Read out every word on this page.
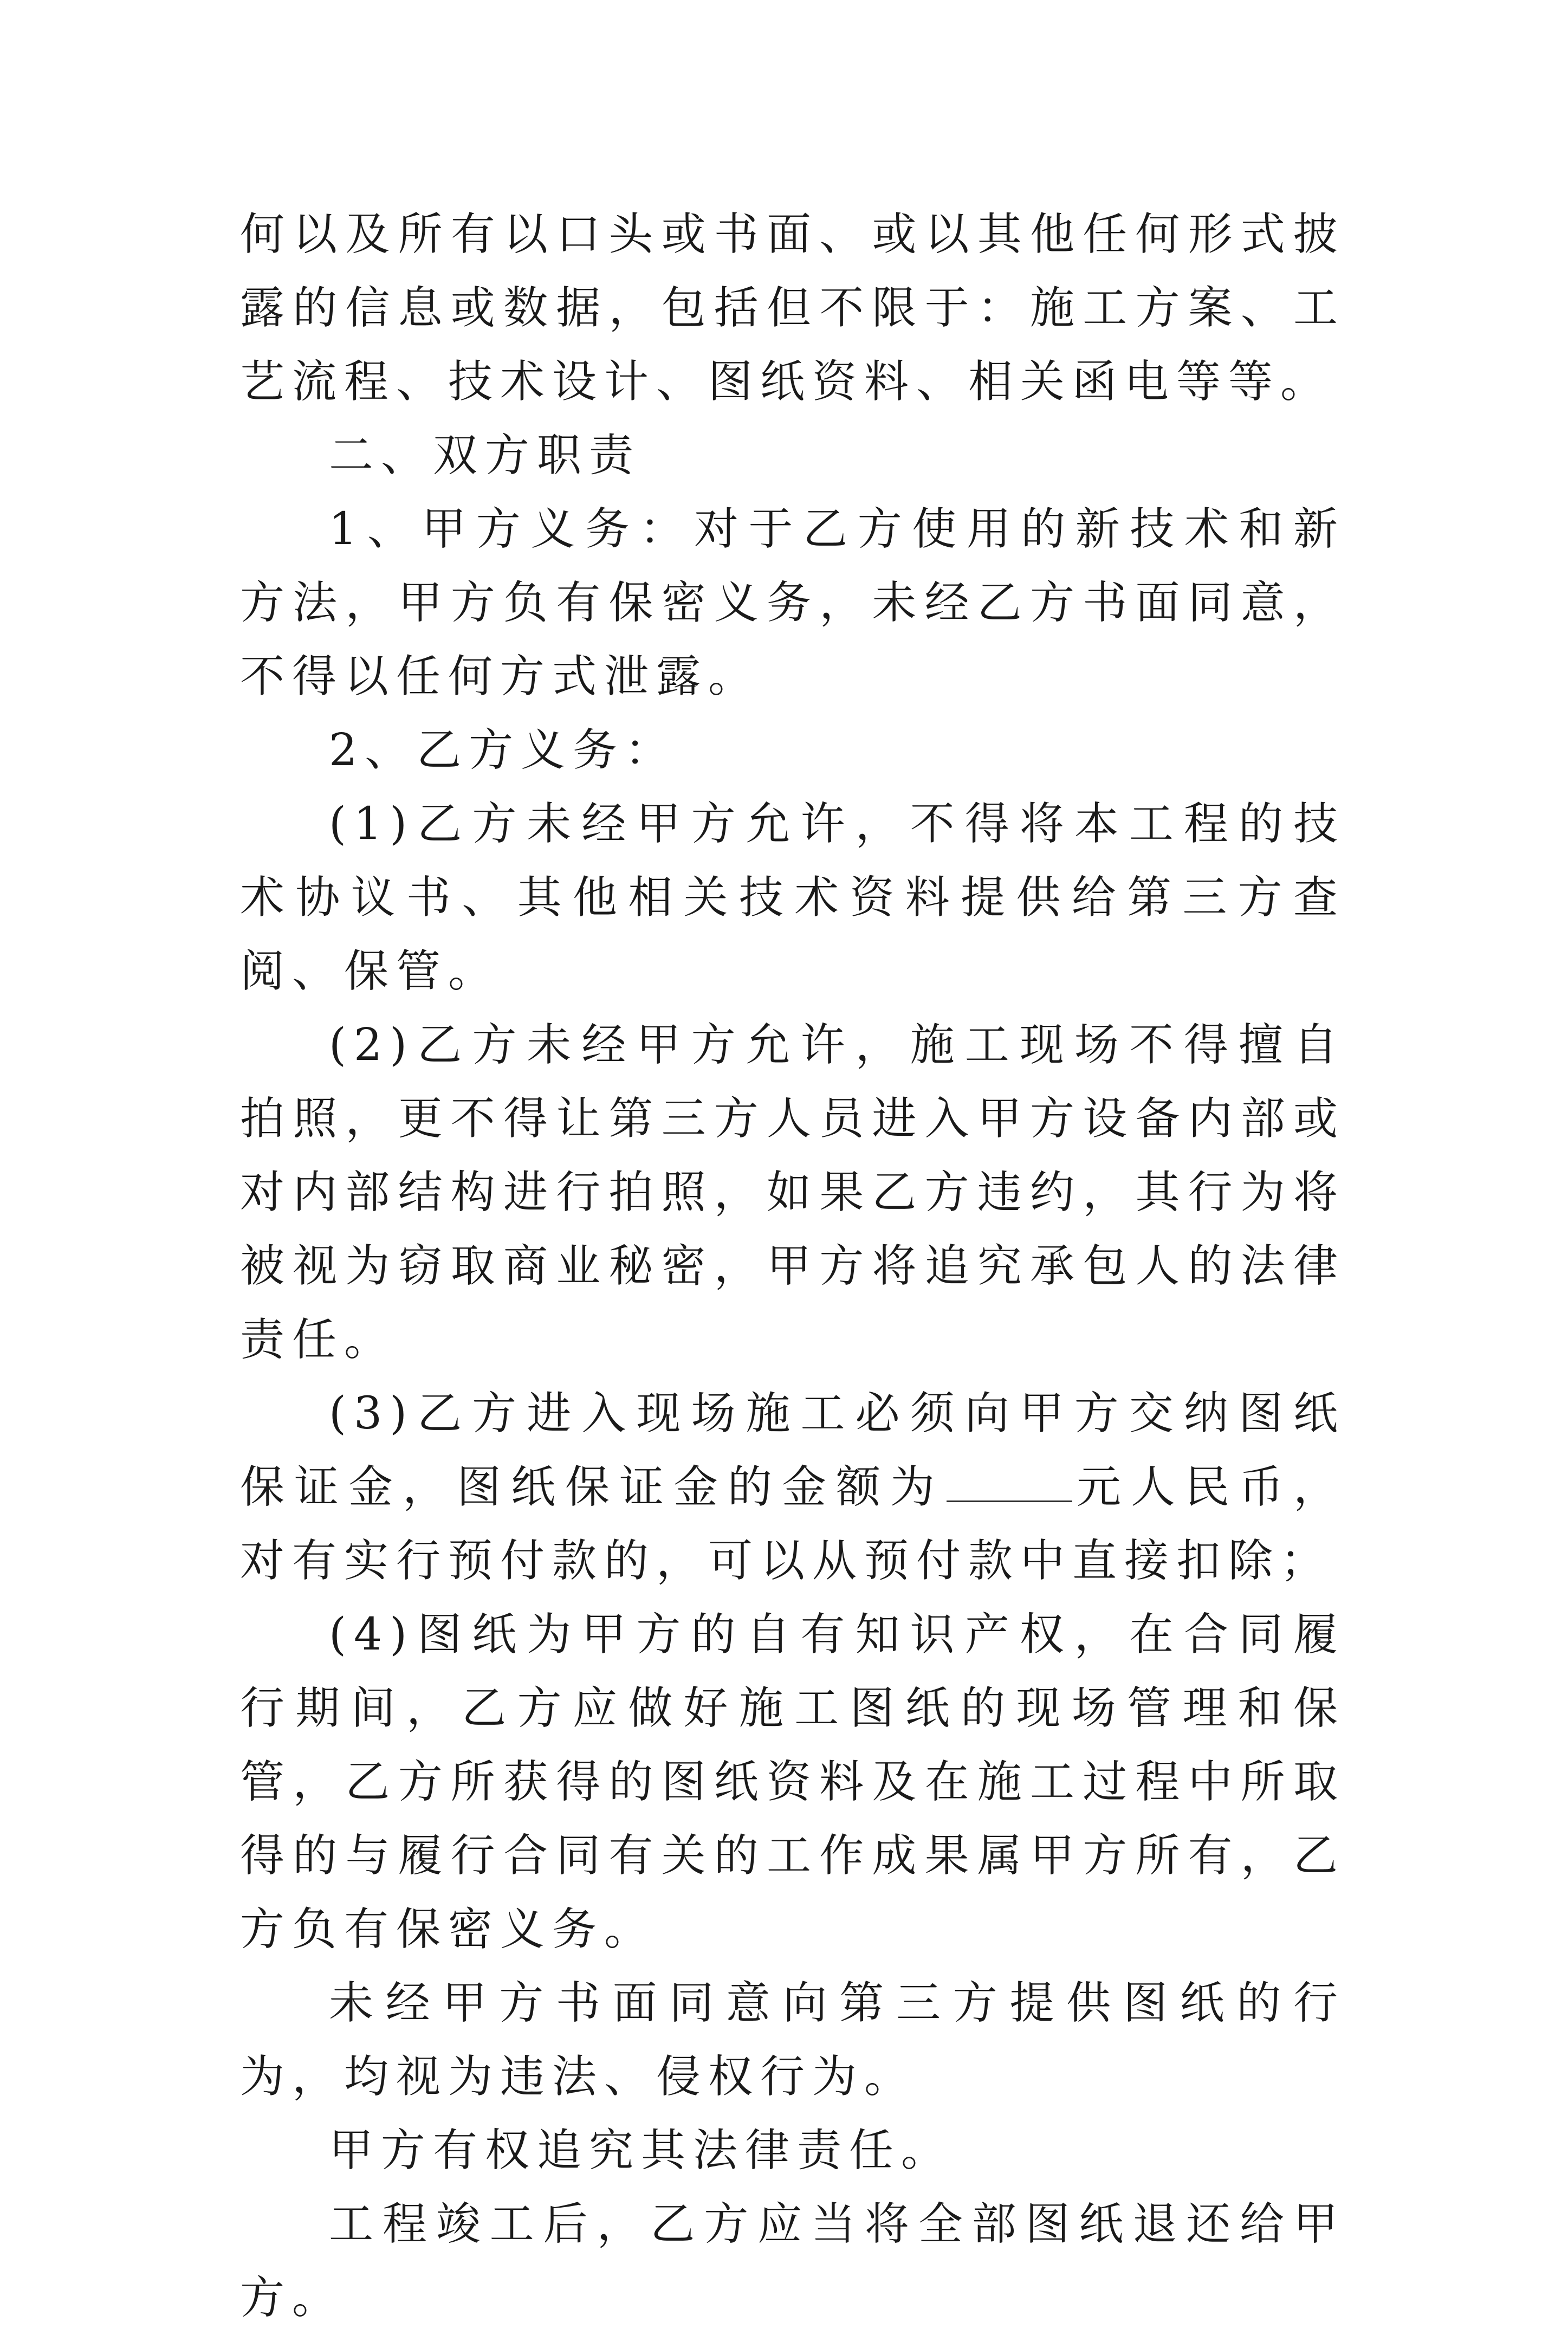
何以及所有以口头或书面、或以其他任何形式披露的信息或数据，包括但不限于：施工方案、工艺流程、技术设计、图纸资料、相关函电等等。

二、双方职责

1、甲方义务：对于乙方使用的新技术和新方法，甲方负有保密义务，未经乙方书面同意，不得以任何方式泄露。

2、乙方义务：

(1)乙方未经甲方允许，不得将本工程的技术协议书、其他相关技术资料提供给第三方查阅、保管。

(2)乙方未经甲方允许，施工现场不得擅自拍照，更不得让第三方人员进入甲方设备内部或对内部结构进行拍照，如果乙方违约，其行为将被视为窃取商业秘密，甲方将追究承包人的法律责任。

(3)乙方进入现场施工必须向甲方交纳图纸保证金，图纸保证金的金额为	元人民币，对有实行预付款的，可以从预付款中直接扣除；

(4)图纸为甲方的自有知识产权，在合同履行期间，乙方应做好施工图纸的现场管理和保管，乙方所获得的图纸资料及在施工过程中所取得的与履行合同有关的工作成果属甲方所有，乙方负有保密义务。

未经甲方书面同意向第三方提供图纸的行为，均视为违法、侵权行为。

甲方有权追究其法律责任。

工程竣工后，乙方应当将全部图纸退还给甲方。
